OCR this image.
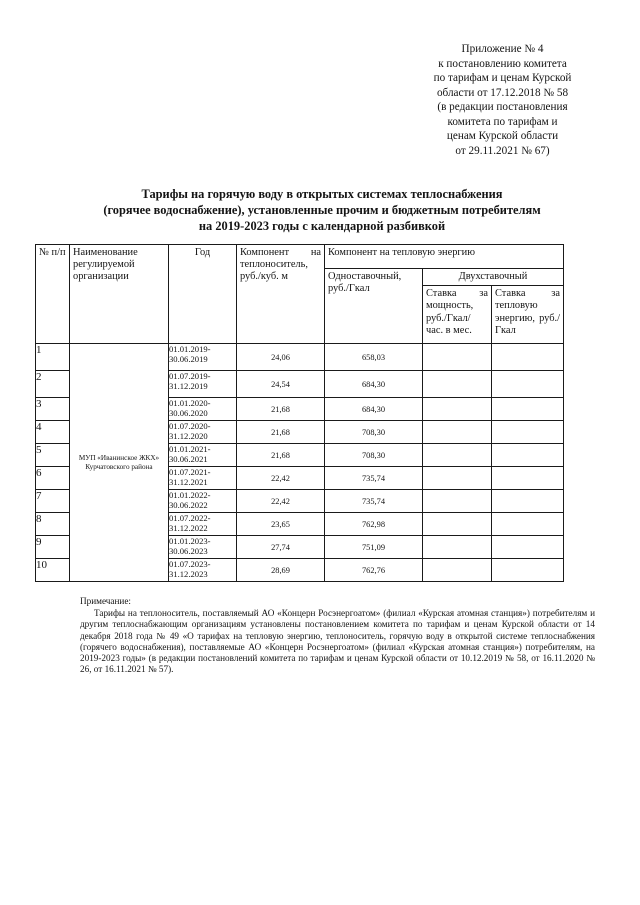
Приложение № 4
к постановлению комитета
по тарифам и ценам Курской
области от 17.12.2018 № 58
(в редакции постановления
комитета по тарифам и
ценам Курской области
от 29.11.2021 № 67)
Тарифы на горячую воду в открытых системах теплоснабжения
(горячее водоснабжение), установленные прочим и бюджетным потребителям
на 2019-2023 годы с календарной разбивкой
№ п/п	Наименование регулируемой организации	Год	Компонент на теплоноситель, руб./куб. м	Компонент на тепловую энергию		

				Одноставочный, руб./Гкал	Двухставочный	

					Ставка за мощность, руб./Гкал/ час. в мес.	Ставка за тепловую энергию, руб./Гкал

1	МУП «Иванинское ЖКХ» Курчатовского района	01.01.2019-
30.06.2019	24,06	658,03		
2		01.07.2019-
31.12.2019	24,54	684,30		
3		01.01.2020-
30.06.2020	21,68	684,30		
4		01.07.2020-
31.12.2020	21,68	708,30		
5		01.01.2021-
30.06.2021	21,68	708,30		
6		01.07.2021-
31.12.2021	22,42	735,74		
7		01.01.2022-
30.06.2022	22,42	735,74		
8		01.07.2022-
31.12.2022	23,65	762,98		
9		01.01.2023-
30.06.2023	27,74	751,09		
10		01.07.2023-
31.12.2023	28,69	762,76		
Примечание:
Тарифы на теплоноситель, поставляемый АО «Концерн Росэнергоатом» (филиал «Курская атомная станция») потребителям и другим теплоснабжающим организациям установлены постановлением комитета по тарифам и ценам Курской области от 14 декабря 2018 года № 49 «О тарифах на тепловую энергию, теплоноситель, горячую воду в открытой системе теплоснабжения (горячего водоснабжения), поставляемые АО «Концерн Росэнергоатом» (филиал «Курская атомная станция») потребителям, на 2019-2023 годы» (в редакции постановлений комитета по тарифам и ценам Курской области от 10.12.2019 № 58, от 16.11.2020 № 26, от 16.11.2021 № 57).
